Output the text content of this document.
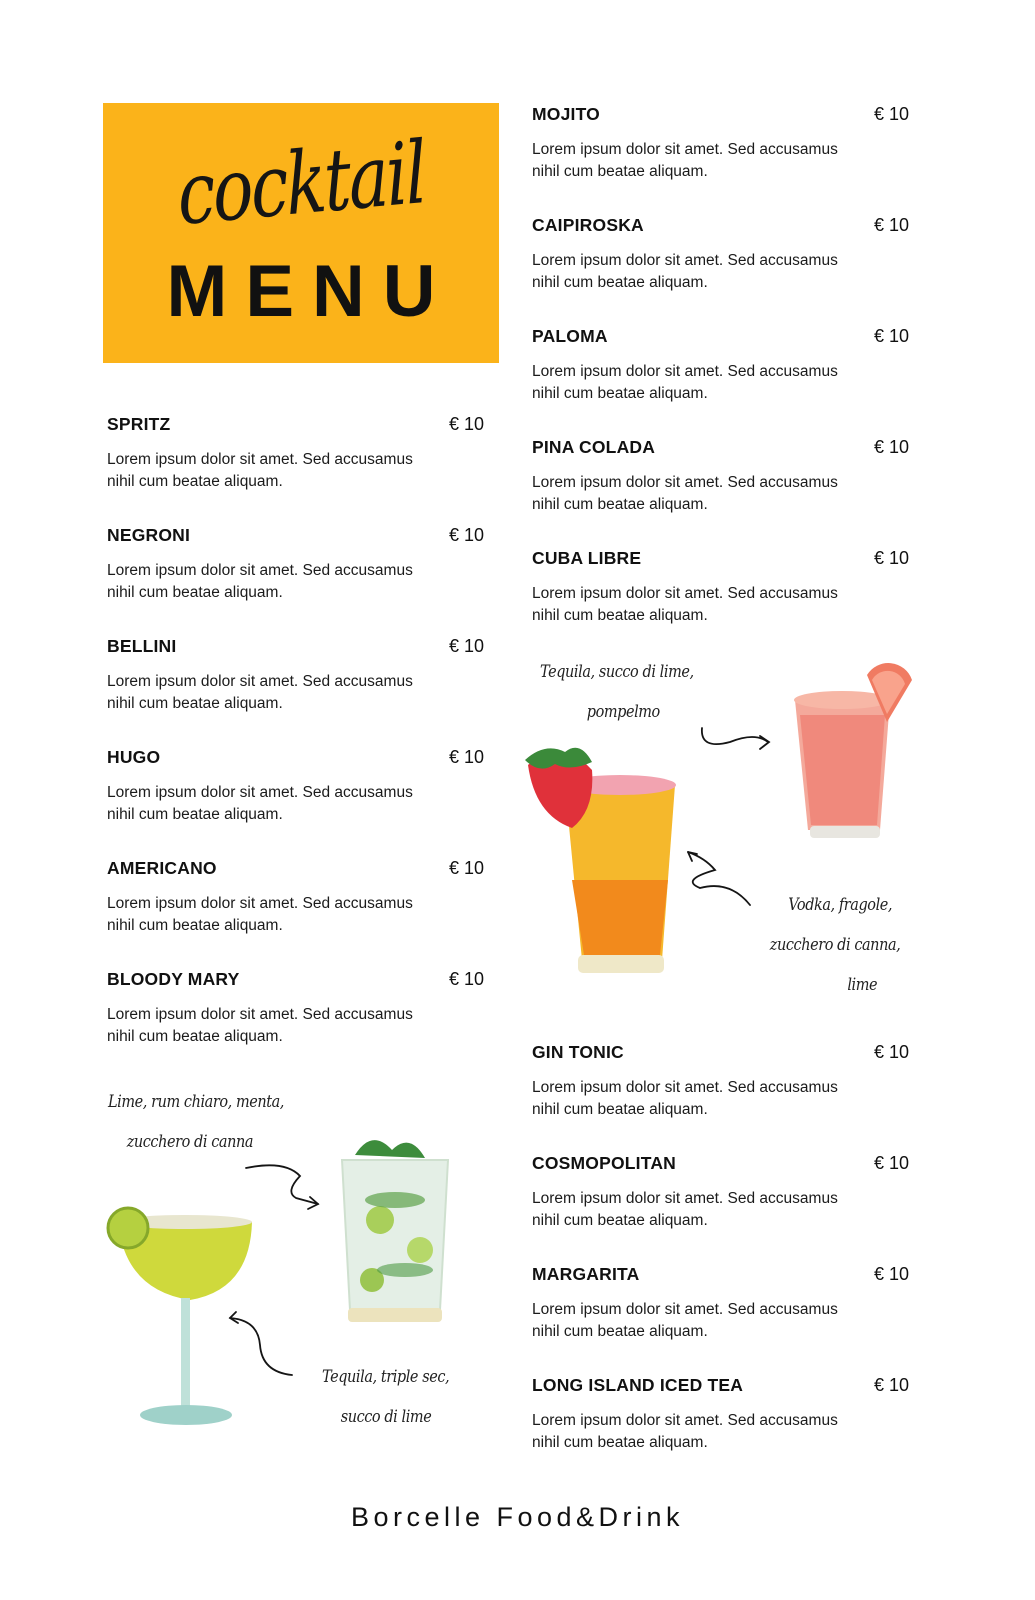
cocktail
MENU
SPRITZ	€ 10
Lorem ipsum dolor sit amet. Sed accusamus nihil cum beatae aliquam.
NEGRONI	€ 10
Lorem ipsum dolor sit amet. Sed accusamus nihil cum beatae aliquam.
BELLINI	€ 10
Lorem ipsum dolor sit amet. Sed accusamus nihil cum beatae aliquam.
HUGO	€ 10
Lorem ipsum dolor sit amet. Sed accusamus nihil cum beatae aliquam.
AMERICANO	€ 10
Lorem ipsum dolor sit amet. Sed accusamus nihil cum beatae aliquam.
BLOODY MARY	€ 10
Lorem ipsum dolor sit amet. Sed accusamus nihil cum beatae aliquam.
MOJITO	€ 10
Lorem ipsum dolor sit amet. Sed accusamus nihil cum beatae aliquam.
CAIPIROSKA	€ 10
Lorem ipsum dolor sit amet. Sed accusamus nihil cum beatae aliquam.
PALOMA	€ 10
Lorem ipsum dolor sit amet. Sed accusamus nihil cum beatae aliquam.
PINA COLADA	€ 10
Lorem ipsum dolor sit amet. Sed accusamus nihil cum beatae aliquam.
CUBA LIBRE	€ 10
Lorem ipsum dolor sit amet. Sed accusamus nihil cum beatae aliquam.
GIN TONIC	€ 10
Lorem ipsum dolor sit amet. Sed accusamus nihil cum beatae aliquam.
COSMOPOLITAN	€ 10
Lorem ipsum dolor sit amet. Sed accusamus nihil cum beatae aliquam.
MARGARITA	€ 10
Lorem ipsum dolor sit amet. Sed accusamus nihil cum beatae aliquam.
LONG ISLAND ICED TEA	€ 10
Lorem ipsum dolor sit amet. Sed accusamus nihil cum beatae aliquam.
Tequila, succo di lime,
pompelmo
Vodka, fragole,
zucchero di canna,
lime
Lime, rum chiaro, menta,
zucchero di canna
Tequila, triple sec,
succo di lime
Borcelle Food&Drink
